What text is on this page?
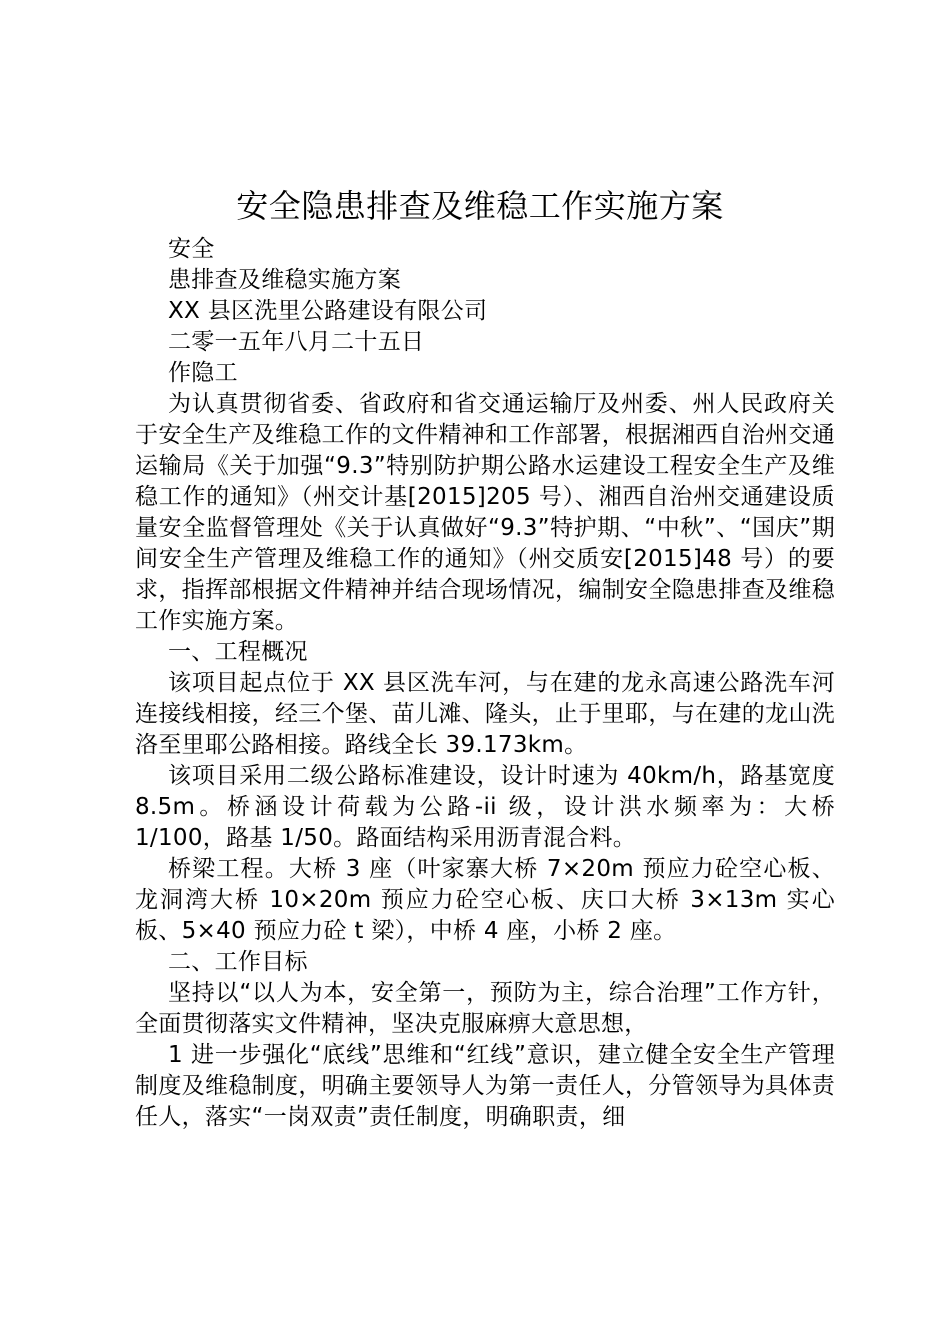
安全隐患排查及维稳工作实施方案

安全

患排查及维稳实施方案

XX 县区洗里公路建设有限公司

二零一五年八月二十五日

作隐工

为认真贯彻省委、省政府和省交通运输厅及州委、州人民政府关于安全生产及维稳工作的文件精神和工作部署，根据湘西自治州交通运输局《关于加强“9.3”特别防护期公路水运建设工程安全生产及维稳工作的通知》（州交计基[2015]205 号）、湘西自治州交通建设质量安全监督管理处《关于认真做好“9.3”特护期、“中秋”、“国庆”期间安全生产管理及维稳工作的通知》（州交质安[2015]48 号）的要求，指挥部根据文件精神并结合现场情况，编制安全隐患排查及维稳工作实施方案。

一、工程概况

该项目起点位于 XX 县区洗车河，与在建的龙永高速公路洗车河连接线相接，经三个堡、苗儿滩、隆头，止于里耶，与在建的龙山洗洛至里耶公路相接。路线全长 39.173km。

该项目采用二级公路标准建设，设计时速为 40km/h，路基宽度 8.5m。桥涵设计荷载为公路-ii 级，设计洪水频率为：大桥 1/100，路基 1/50。路面结构采用沥青混合料。

桥梁工程。大桥 3 座（叶家寨大桥 7×20m 预应力砼空心板、龙洞湾大桥 10×20m 预应力砼空心板、庆口大桥 3×13m 实心板、5×40 预应力砼 t 梁），中桥 4 座，小桥 2 座。

二、工作目标

坚持以“以人为本，安全第一，预防为主，综合治理”工作方针，全面贯彻落实文件精神，坚决克服麻痹大意思想，

1 进一步强化“底线”思维和“红线”意识，建立健全安全生产管理制度及维稳制度，明确主要领导人为第一责任人，分管领导为具体责任人，落实“一岗双责”责任制度，明确职责，细
